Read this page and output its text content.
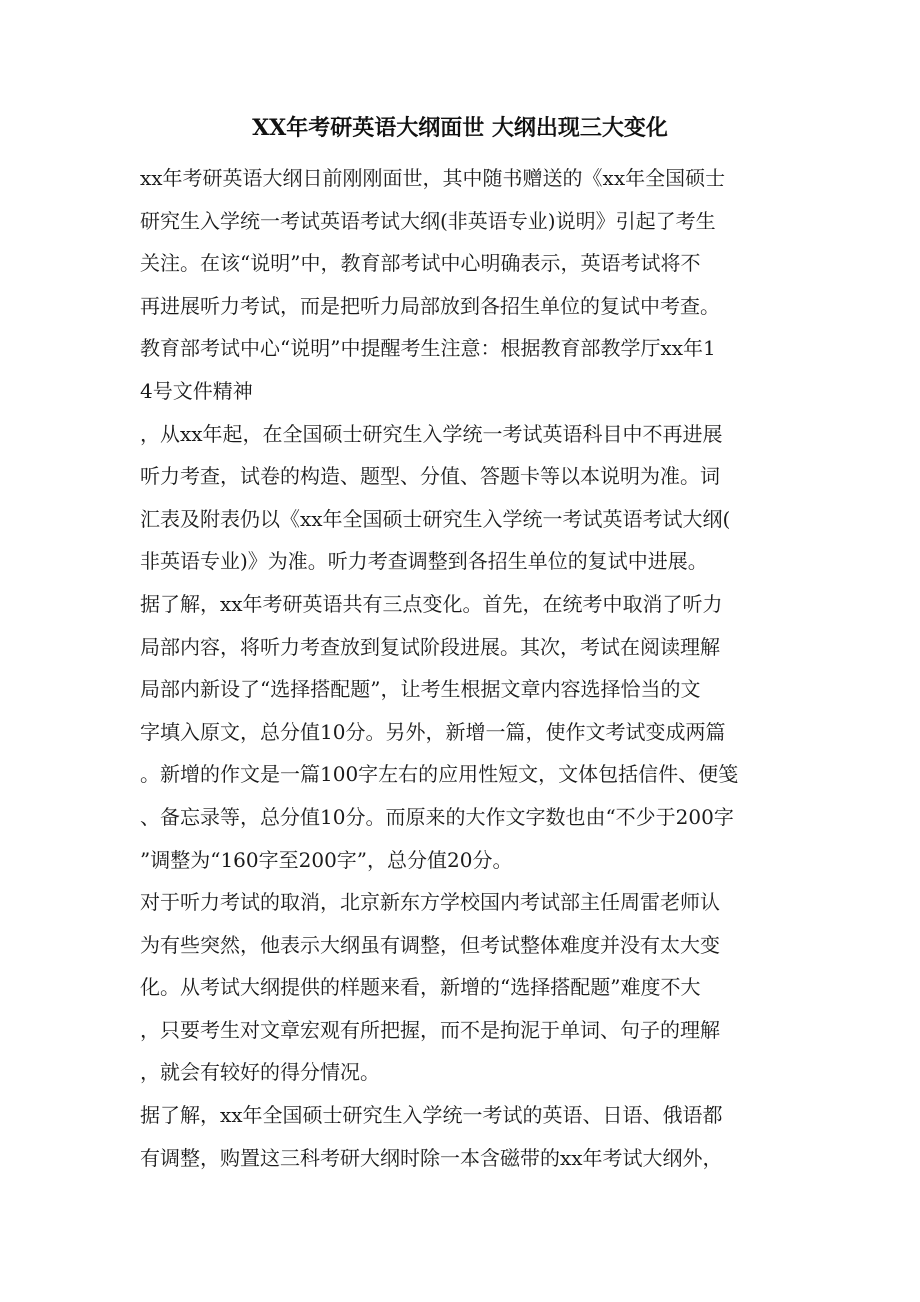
XX年考研英语大纲面世 大纲出现三大变化
xx年考研英语大纲日前刚刚面世，其中随书赠送的《xx年全国硕士
研究生入学统一考试英语考试大纲(非英语专业)说明》引起了考生
关注。在该“说明”中，教育部考试中心明确表示，英语考试将不
再进展听力考试，而是把听力局部放到各招生单位的复试中考查。
教育部考试中心“说明”中提醒考生注意：根据教育部教学厅xx年1
4号文件精神
，从xx年起，在全国硕士研究生入学统一考试英语科目中不再进展
听力考查，试卷的构造、题型、分值、答题卡等以本说明为准。词
汇表及附表仍以《xx年全国硕士研究生入学统一考试英语考试大纲(
非英语专业)》为准。听力考查调整到各招生单位的复试中进展。
据了解，xx年考研英语共有三点变化。首先，在统考中取消了听力
局部内容，将听力考查放到复试阶段进展。其次，考试在阅读理解
局部内新设了“选择搭配题”，让考生根据文章内容选择恰当的文
字填入原文，总分值10分。另外，新增一篇，使作文考试变成两篇
。新增的作文是一篇100字左右的应用性短文，文体包括信件、便笺
、备忘录等，总分值10分。而原来的大作文字数也由“不少于200字
”调整为“160字至200字”，总分值20分。
对于听力考试的取消，北京新东方学校国内考试部主任周雷老师认
为有些突然，他表示大纲虽有调整，但考试整体难度并没有太大变
化。从考试大纲提供的样题来看，新增的“选择搭配题”难度不大
，只要考生对文章宏观有所把握，而不是拘泥于单词、句子的理解
，就会有较好的得分情况。
据了解，xx年全国硕士研究生入学统一考试的英语、日语、俄语都
有调整，购置这三科考研大纲时除一本含磁带的xx年考试大纲外，
